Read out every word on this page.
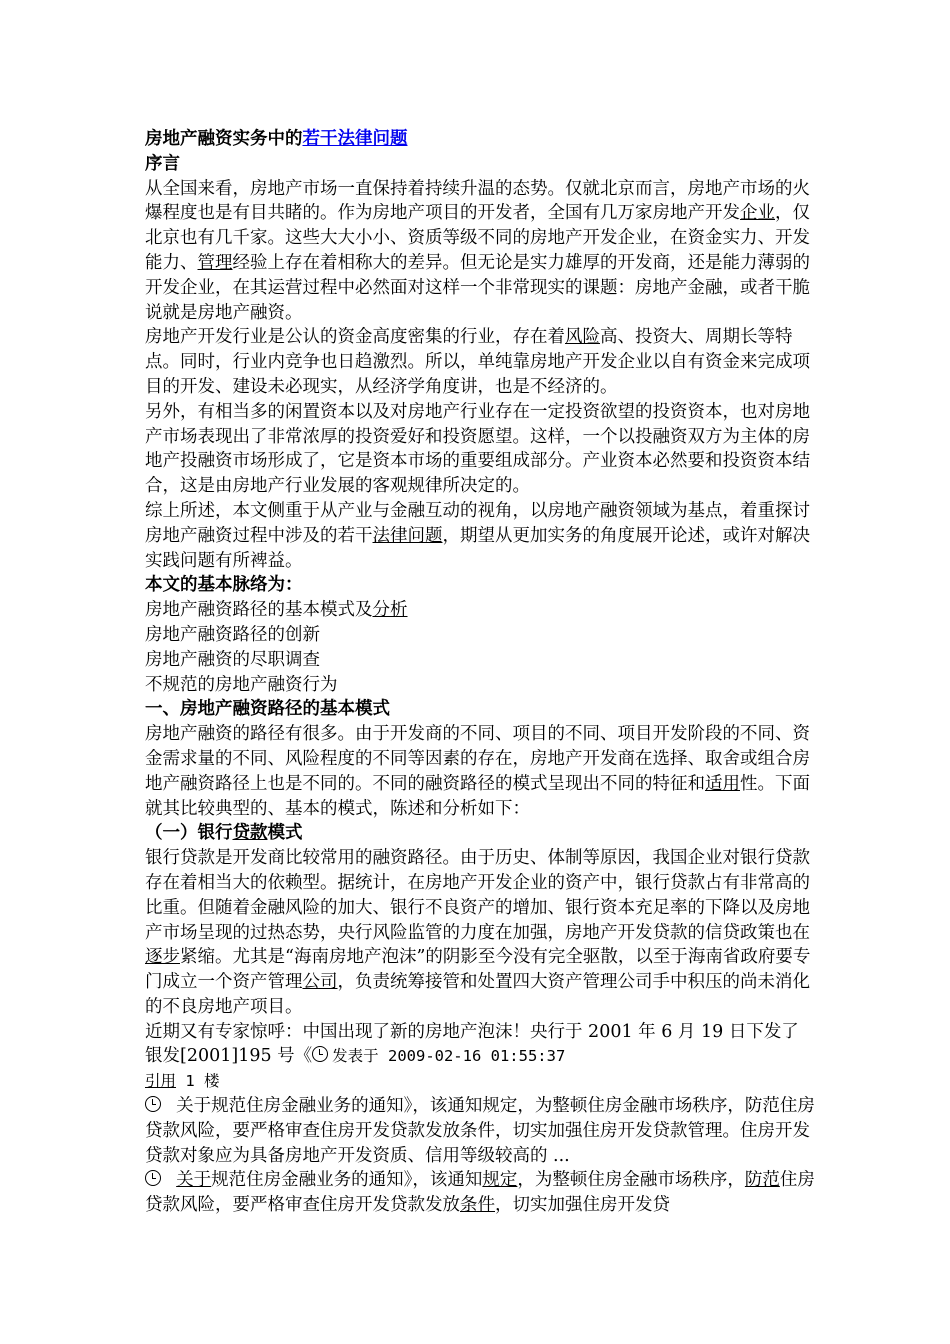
房地产融资实务中的若干法律问题

序言

从全国来看，房地产市场一直保持着持续升温的态势。仅就北京而言，房地产市场的火爆程度也是有目共睹的。作为房地产项目的开发者，全国有几万家房地产开发企业，仅北京也有几千家。这些大大小小、资质等级不同的房地产开发企业，在资金实力、开发能力、管理经验上存在着相称大的差异。但无论是实力雄厚的开发商，还是能力薄弱的开发企业，在其运营过程中必然面对这样一个非常现实的课题：房地产金融，或者干脆说就是房地产融资。

房地产开发行业是公认的资金高度密集的行业，存在着风险高、投资大、周期长等特点。同时，行业内竞争也日趋激烈。所以，单纯靠房地产开发企业以自有资金来完成项目的开发、建设未必现实，从经济学角度讲，也是不经济的。

另外，有相当多的闲置资本以及对房地产行业存在一定投资欲望的投资资本，也对房地产市场表现出了非常浓厚的投资爱好和投资愿望。这样，一个以投融资双方为主体的房地产投融资市场形成了，它是资本市场的重要组成部分。产业资本必然要和投资资本结合，这是由房地产行业发展的客观规律所决定的。

综上所述，本文侧重于从产业与金融互动的视角，以房地产融资领域为基点，着重探讨房地产融资过程中涉及的若干法律问题，期望从更加实务的角度展开论述，或许对解决实践问题有所裨益。

本文的基本脉络为：

房地产融资路径的基本模式及分析

房地产融资路径的创新

房地产融资的尽职调查

不规范的房地产融资行为

一、房地产融资路径的基本模式

房地产融资的路径有很多。由于开发商的不同、项目的不同、项目开发阶段的不同、资金需求量的不同、风险程度的不同等因素的存在，房地产开发商在选择、取舍或组合房地产融资路径上也是不同的。不同的融资路径的模式呈现出不同的特征和适用性。下面就其比较典型的、基本的模式，陈述和分析如下：

（一）银行贷款模式

银行贷款是开发商比较常用的融资路径。由于历史、体制等原因，我国企业对银行贷款存在着相当大的依赖型。据统计，在房地产开发企业的资产中，银行贷款占有非常高的比重。但随着金融风险的加大、银行不良资产的增加、银行资本充足率的下降以及房地产市场呈现的过热态势，央行风险监管的力度在加强，房地产开发贷款的信贷政策也在逐步紧缩。尤其是“海南房地产泡沫”的阴影至今没有完全驱散，以至于海南省政府要专门成立一个资产管理公司，负责统筹接管和处置四大资产管理公司手中积压的尚未消化的不良房地产项目。

近期又有专家惊呼：中国出现了新的房地产泡沫！央行于 2001 年 6 月 19 日下发了银发[2001]195 号《 发表于 2009-02-16 01:55:37

引用 1 楼

关于规范住房金融业务的通知》，该通知规定，为整顿住房金融市场秩序，防范住房贷款风险，要严格审查住房开发贷款发放条件，切实加强住房开发贷款管理。住房开发贷款对象应为具备房地产开发资质、信用等级较高的 ...

关于规范住房金融业务的通知》，该通知规定，为整顿住房金融市场秩序，防范住房贷款风险，要严格审查住房开发贷款发放条件，切实加强住房开发贷
